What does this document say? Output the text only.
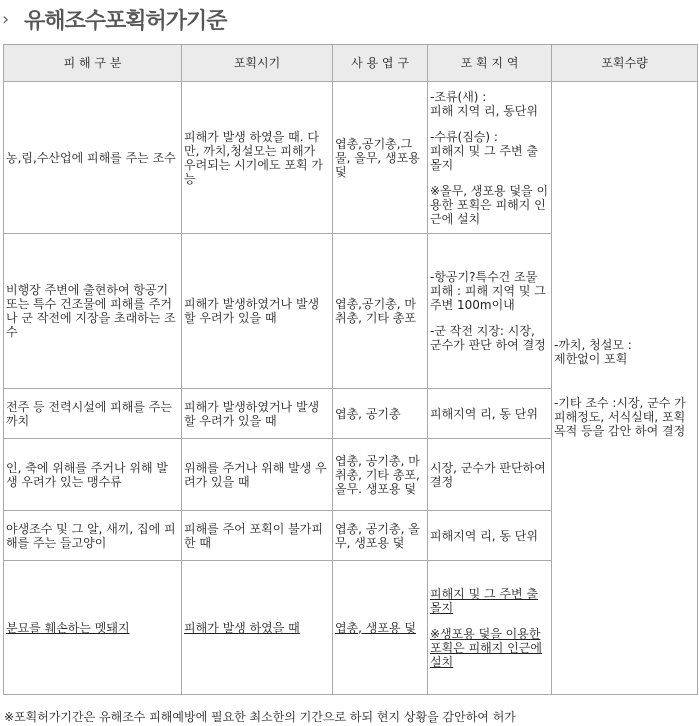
› 유해조수포획허가기준
피 해 구 분	포획시기	사 용 엽 구	포 획 지 역	포획수량
농,림,수산업에 피해를 주는 조수	피해가 발생 하였을 때. 다만, 까치,청설모는 피해가 우려되는 시기에도 포획 가능	엽총,공기총,그물, 올무, 생포용 덫	-조류(새) :
피해 지역 리, 동단위
-수류(짐승) :
피해지 및 그 주변 출몰지
※올무, 생포용 덫을 이용한 포획은 피해지 인근에 설치	-까치, 청설모 :
제한없이 포획
-기타 조수 :시장, 군수 가 피해정도, 서식실태, 포획 목적 등을 감안 하여 결정

비행장 주변에 출현하여 항공기 또는 특수 건조물에 피해를 주거나 군 작전에 지장을 초래하는 조수	피해가 발생하였거나 발생할 우려가 있을 때	엽총,공기총, 마취총, 기타 총포	-항공기?특수건 조물 피해 : 피해 지역 및 그 주변 100m이내
-군 작전 지장: 시장, 군수가 판단 하여 결정	

전주 등 전력시설에 피해를 주는 까치	피해가 발생하였거나 발생할 우려가 있을 때	엽총, 공기총	피해지역 리, 동 단위	
인, 축에 위해를 주거나 위해 발생 우려가 있는 맹수류	위해를 주거나 위해 발생 우려가 있을 때	엽총, 공기총, 마취총, 기타 총포, 올무. 생포용 덫	시장, 군수가 판단하여 결정	
야생조수 및 그 알, 새끼, 집에 피해를 주는 들고양이	피해를 주어 포획이 불가피한 때	엽총, 공기총, 올무, 생포용 덫	피해지역 리, 동 단위	
분묘를 훼손하는 멧돼지	피해가 발생 하였을 때	엽총, 생포용 덫	피해지 및 그 주변 출몰지
※생포용 덫을 이용한 포획은 피해지 인근에 설치	
※포획허가기간은 유해조수 피해예방에 필요한 최소한의 기간으로 하되 현지 상황을 감안하여 허가
